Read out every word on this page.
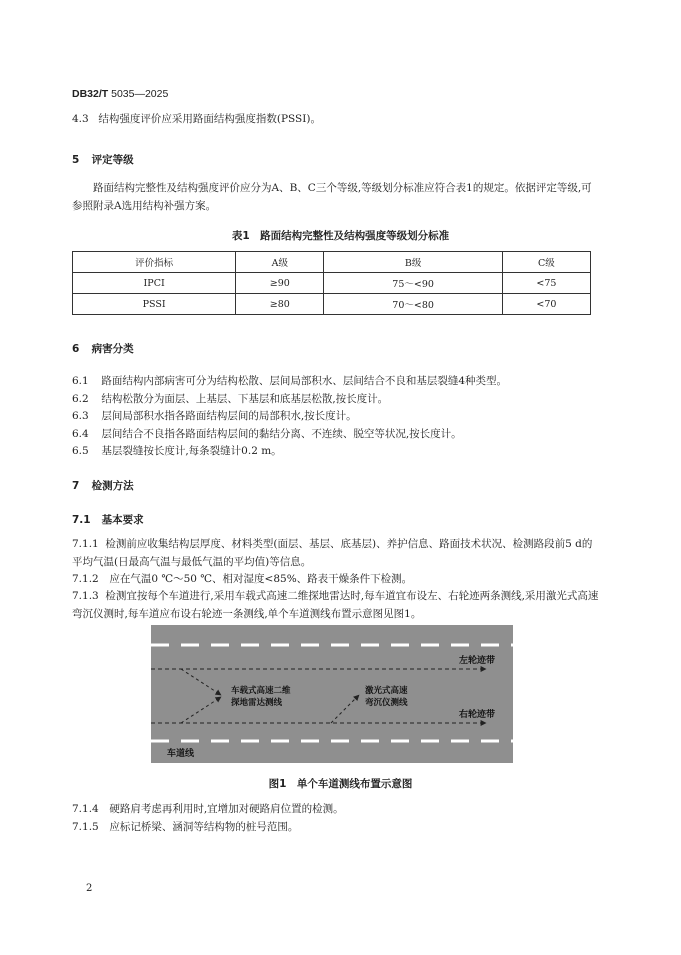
DB32/T 5035—2025
4.3 结构强度评价应采用路面结构强度指数(PSSI)。
5 评定等级
路面结构完整性及结构强度评价应分为A、B、C三个等级,等级划分标准应符合表1的规定。依据评定等级,可参照附录A选用结构补强方案。
表1　路面结构完整性及结构强度等级划分标准
评价指标	A级	B级	C级
IPCI	≥90	75～<90	<75
PSSI	≥80	70～<80	<70
6 病害分类
6.1 路面结构内部病害可分为结构松散、层间局部积水、层间结合不良和基层裂缝4种类型。
6.2 结构松散分为面层、上基层、下基层和底基层松散,按长度计。
6.3 层间局部积水指各路面结构层间的局部积水,按长度计。
6.4 层间结合不良指各路面结构层间的黏结分离、不连续、脱空等状况,按长度计。
6.5 基层裂缝按长度计,每条裂缝计0.2 m。
7 检测方法
7.1 基本要求
7.1.1 检测前应收集结构层厚度、材料类型(面层、基层、底基层)、养护信息、路面技术状况、检测路段前5 d的平均气温(日最高气温与最低气温的平均值)等信息。
7.1.2 应在气温0 ℃～50 ℃、相对湿度<85%、路表干燥条件下检测。
7.1.3 检测宜按每个车道进行,采用车载式高速二维探地雷达时,每车道宜布设左、右轮迹两条测线,采用激光式高速弯沉仪测时,每车道应布设右轮迹一条测线,单个车道测线布置示意图见图1。
左轮迹带
右轮迹带
车载式高速二维
探地雷达测线
激光式高速
弯沉仪测线
车道线
图1　单个车道测线布置示意图
7.1.4 硬路肩考虑再利用时,宜增加对硬路肩位置的检测。
7.1.5 应标记桥梁、涵洞等结构物的桩号范围。
2
